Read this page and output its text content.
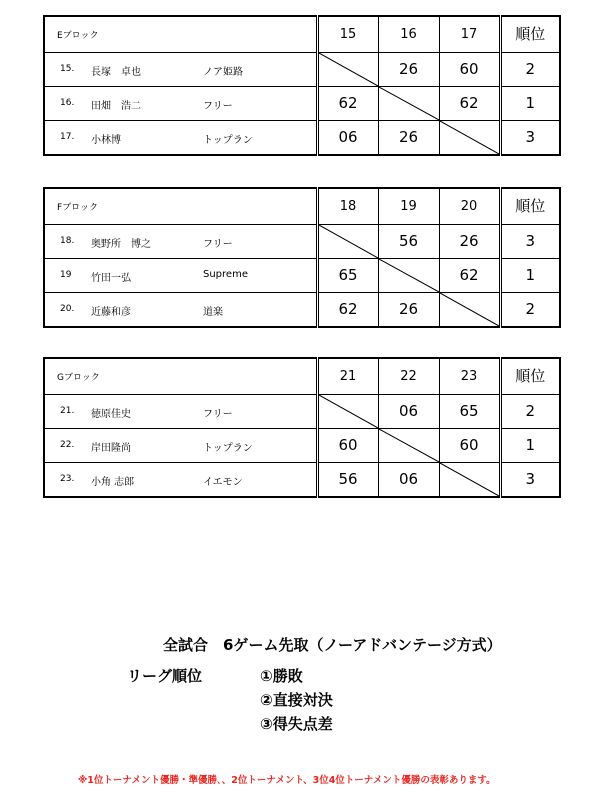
Eブロック	15	16	17	順位

15. 長塚　卓也 ノア姫路		26	60	2

16. 田畑　浩二 フリー	62		62	1

17. 小林博 トップラン	06	26		3
Fブロック	18	19	20	順位

18. 奥野所　博之 フリー		56	26	3

19 竹田一弘 Supreme	65		62	1

20. 近藤和彦 道楽	62	26		2
Gブロック	21	22	23	順位

21. 徳原佳史 フリー		06	65	2

22. 岸田隆尚 トップラン	60		60	1

23. 小角 志郎 イエモン	56	06		3
全試合　6ゲーム先取（ノーアドバンテージ方式）
リーグ順位	①勝敗
②直接対決
③得失点差
※1位トーナメント優勝・準優勝､、2位トーナメント、3位4位トーナメント優勝の表彰あります。
